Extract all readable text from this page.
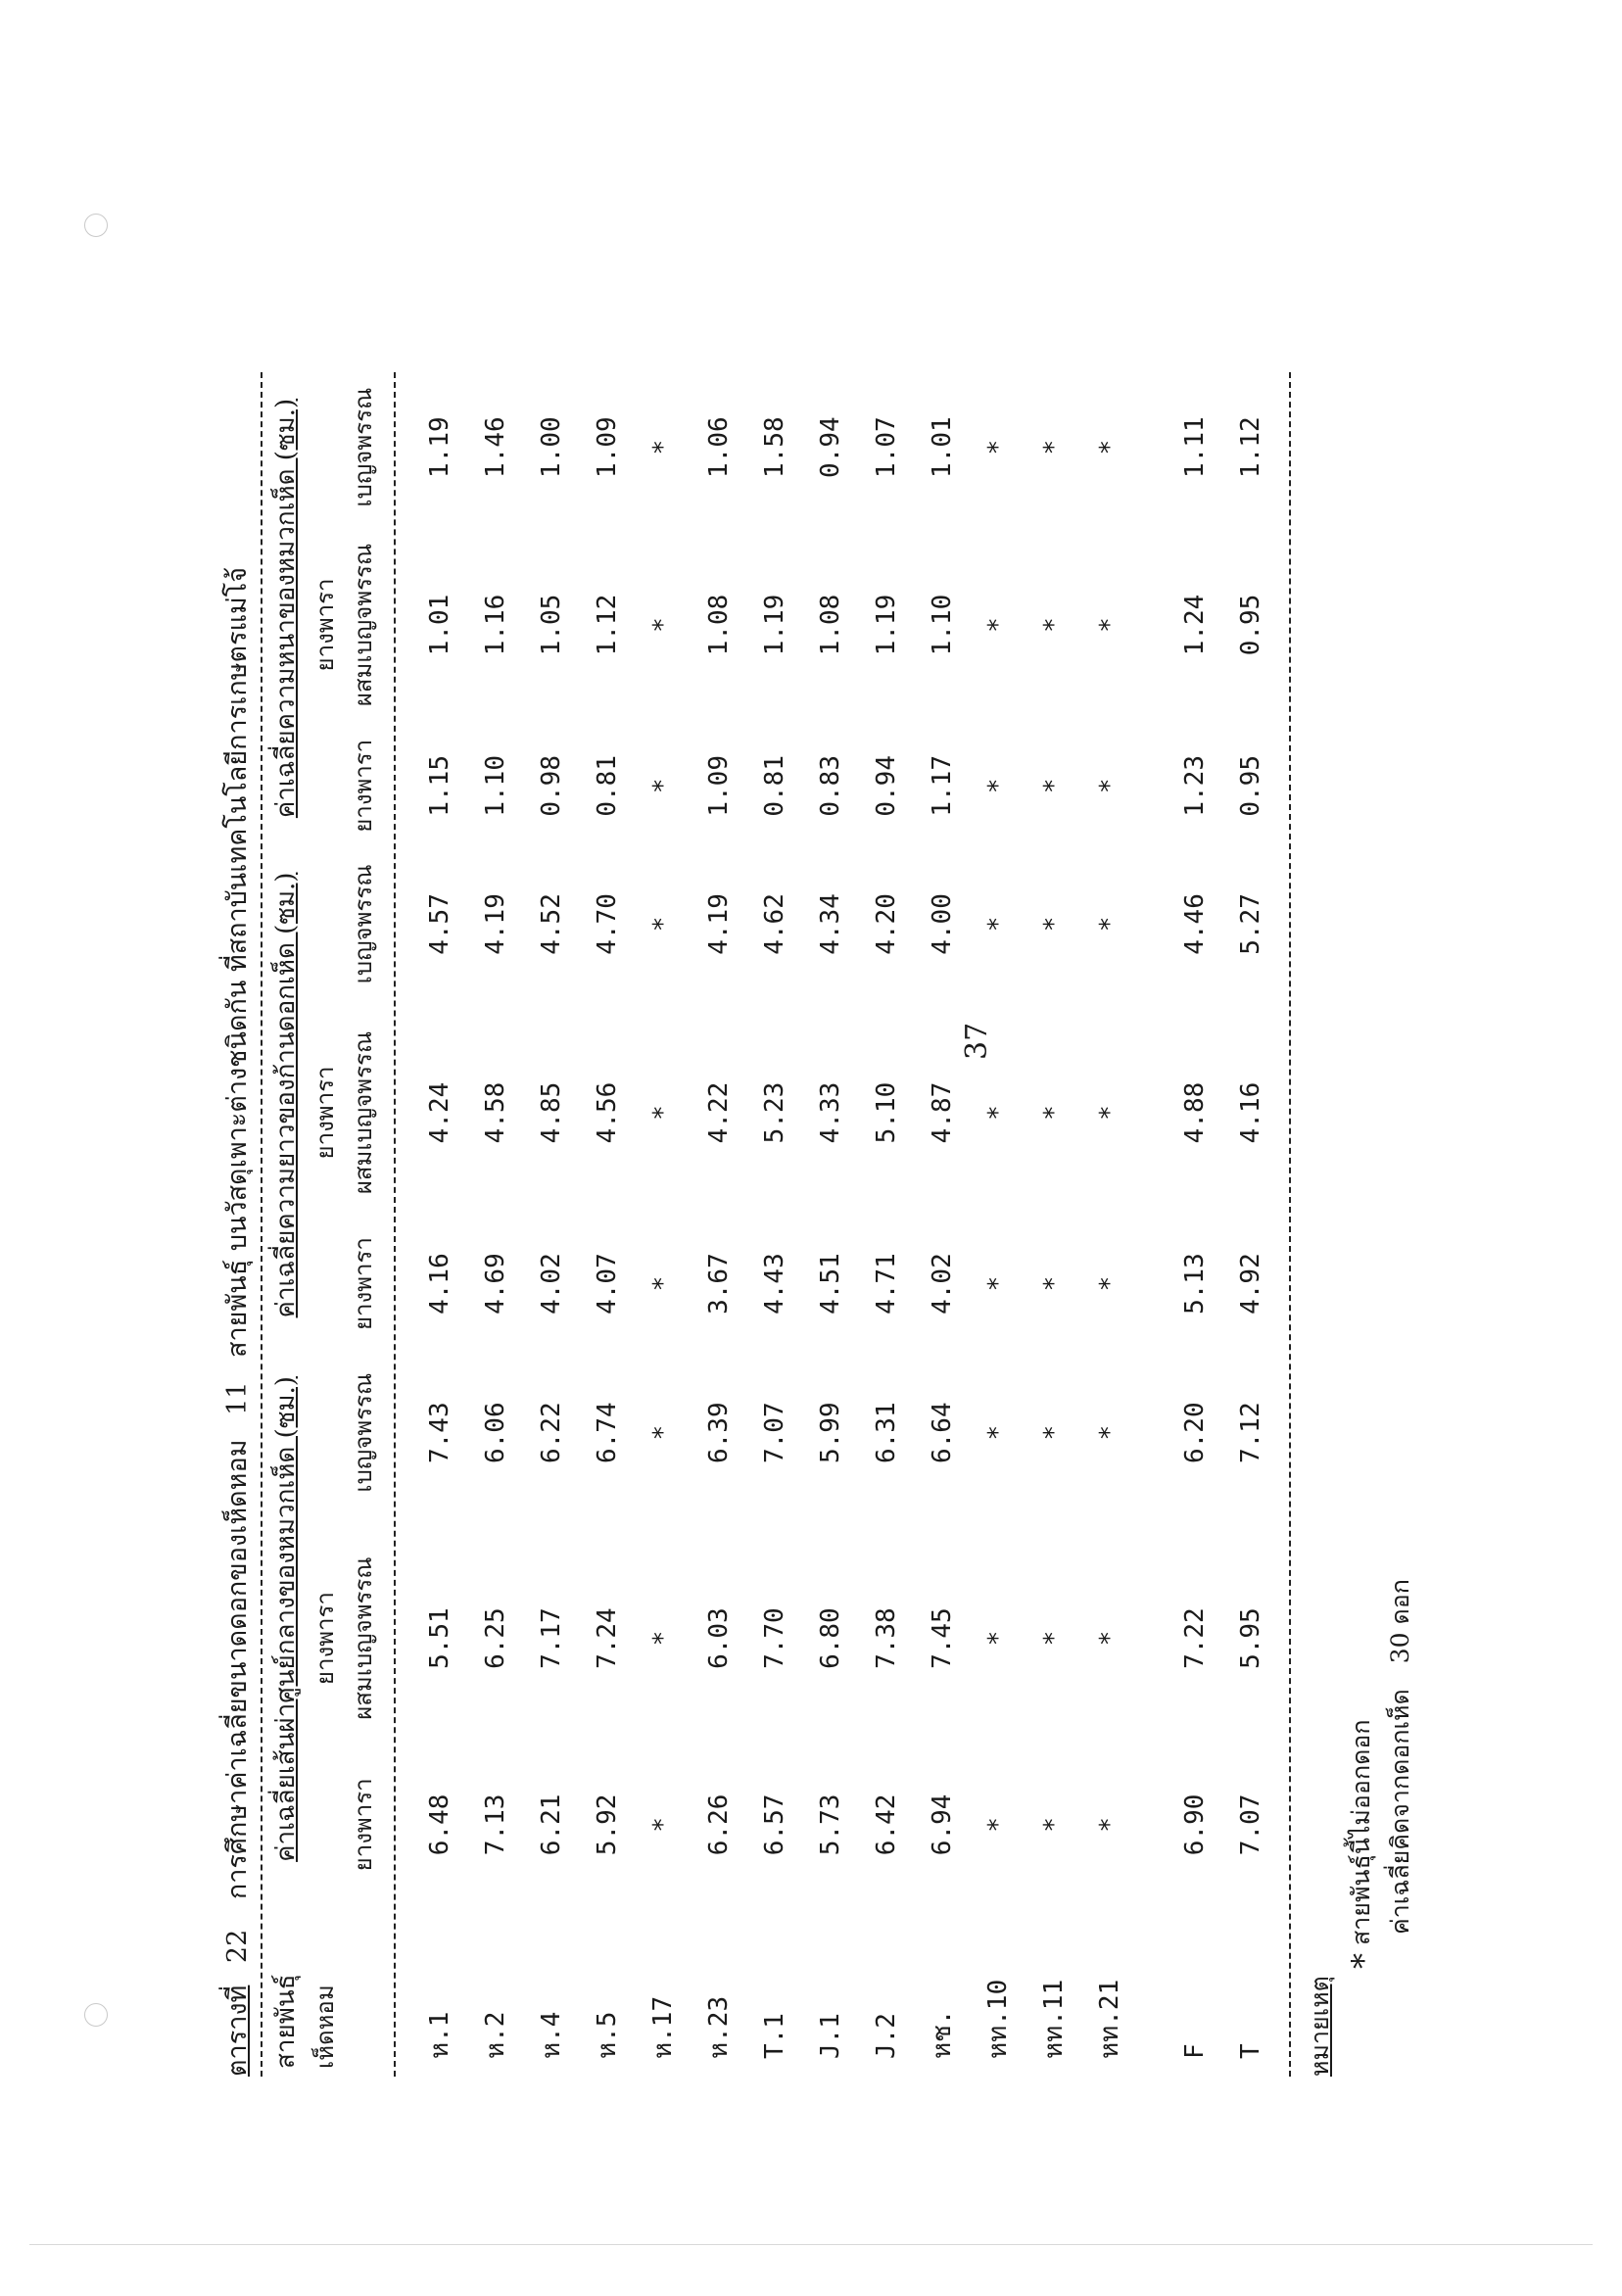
37
ตารางที่ 22 การศึกษาค่าเฉลี่ยขนาดดอกของเห็ดหอม 11 สายพันธุ์ บนวัสดุเพาะต่างชนิดกัน ที่สถาบันเทคโนโลยีการเกษตรแม่โจ้
สายพันธุ์	ค่าเฉลี่ยเส้นผ่าศูนย์กลางของหมวกเห็ด (ซม.)			ค่าเฉลี่ยความยาวของก้านดอกเห็ด (ซม.)			ค่าเฉลี่ยความหนาของหมวกเห็ด (ซม.)		
เห็ดหอม		ยางพารา			ยางพารา			ยางพารา	
	ยางพารา	ผสมเบญจพรรณ	เบญจพรรณ	ยางพารา	ผสมเบญจพรรณ	เบญจพรรณ	ยางพารา	ผสมเบญจพรรณ	เบญจพรรณ

ห.1	6.48	5.51	7.43	4.16	4.24	4.57	1.15	1.01	1.19
ห.2	7.13	6.25	6.06	4.69	4.58	4.19	1.10	1.16	1.46
ห.4	6.21	7.17	6.22	4.02	4.85	4.52	0.98	1.05	1.00
ห.5	5.92	7.24	6.74	4.07	4.56	4.70	0.81	1.12	1.09
ห.17	*	*	*	*	*	*	*	*	*
ห.23	6.26	6.03	6.39	3.67	4.22	4.19	1.09	1.08	1.06
T.1	6.57	7.70	7.07	4.43	5.23	4.62	0.81	1.19	1.58
J.1	5.73	6.80	5.99	4.51	4.33	4.34	0.83	1.08	0.94
J.2	6.42	7.38	6.31	4.71	5.10	4.20	0.94	1.19	1.07
หช.	6.94	7.45	6.64	4.02	4.87	4.00	1.17	1.10	1.01
หท.10	*	*	*	*	*	*	*	*	*
หท.11	*	*	*	*	*	*	*	*	*
หท.21	*	*	*	*	*	*	*	*	*

F	6.90	7.22	6.20	5.13	4.88	4.46	1.23	1.24	1.11
T	7.07	5.95	7.12	4.92	4.16	5.27	0.95	0.95	1.12
หมายเหตุ
*สายพันธุ์นี้ไม่ออกดอก ค่าเฉลี่ยคิดจากดอกเห็ด30 ดอก
